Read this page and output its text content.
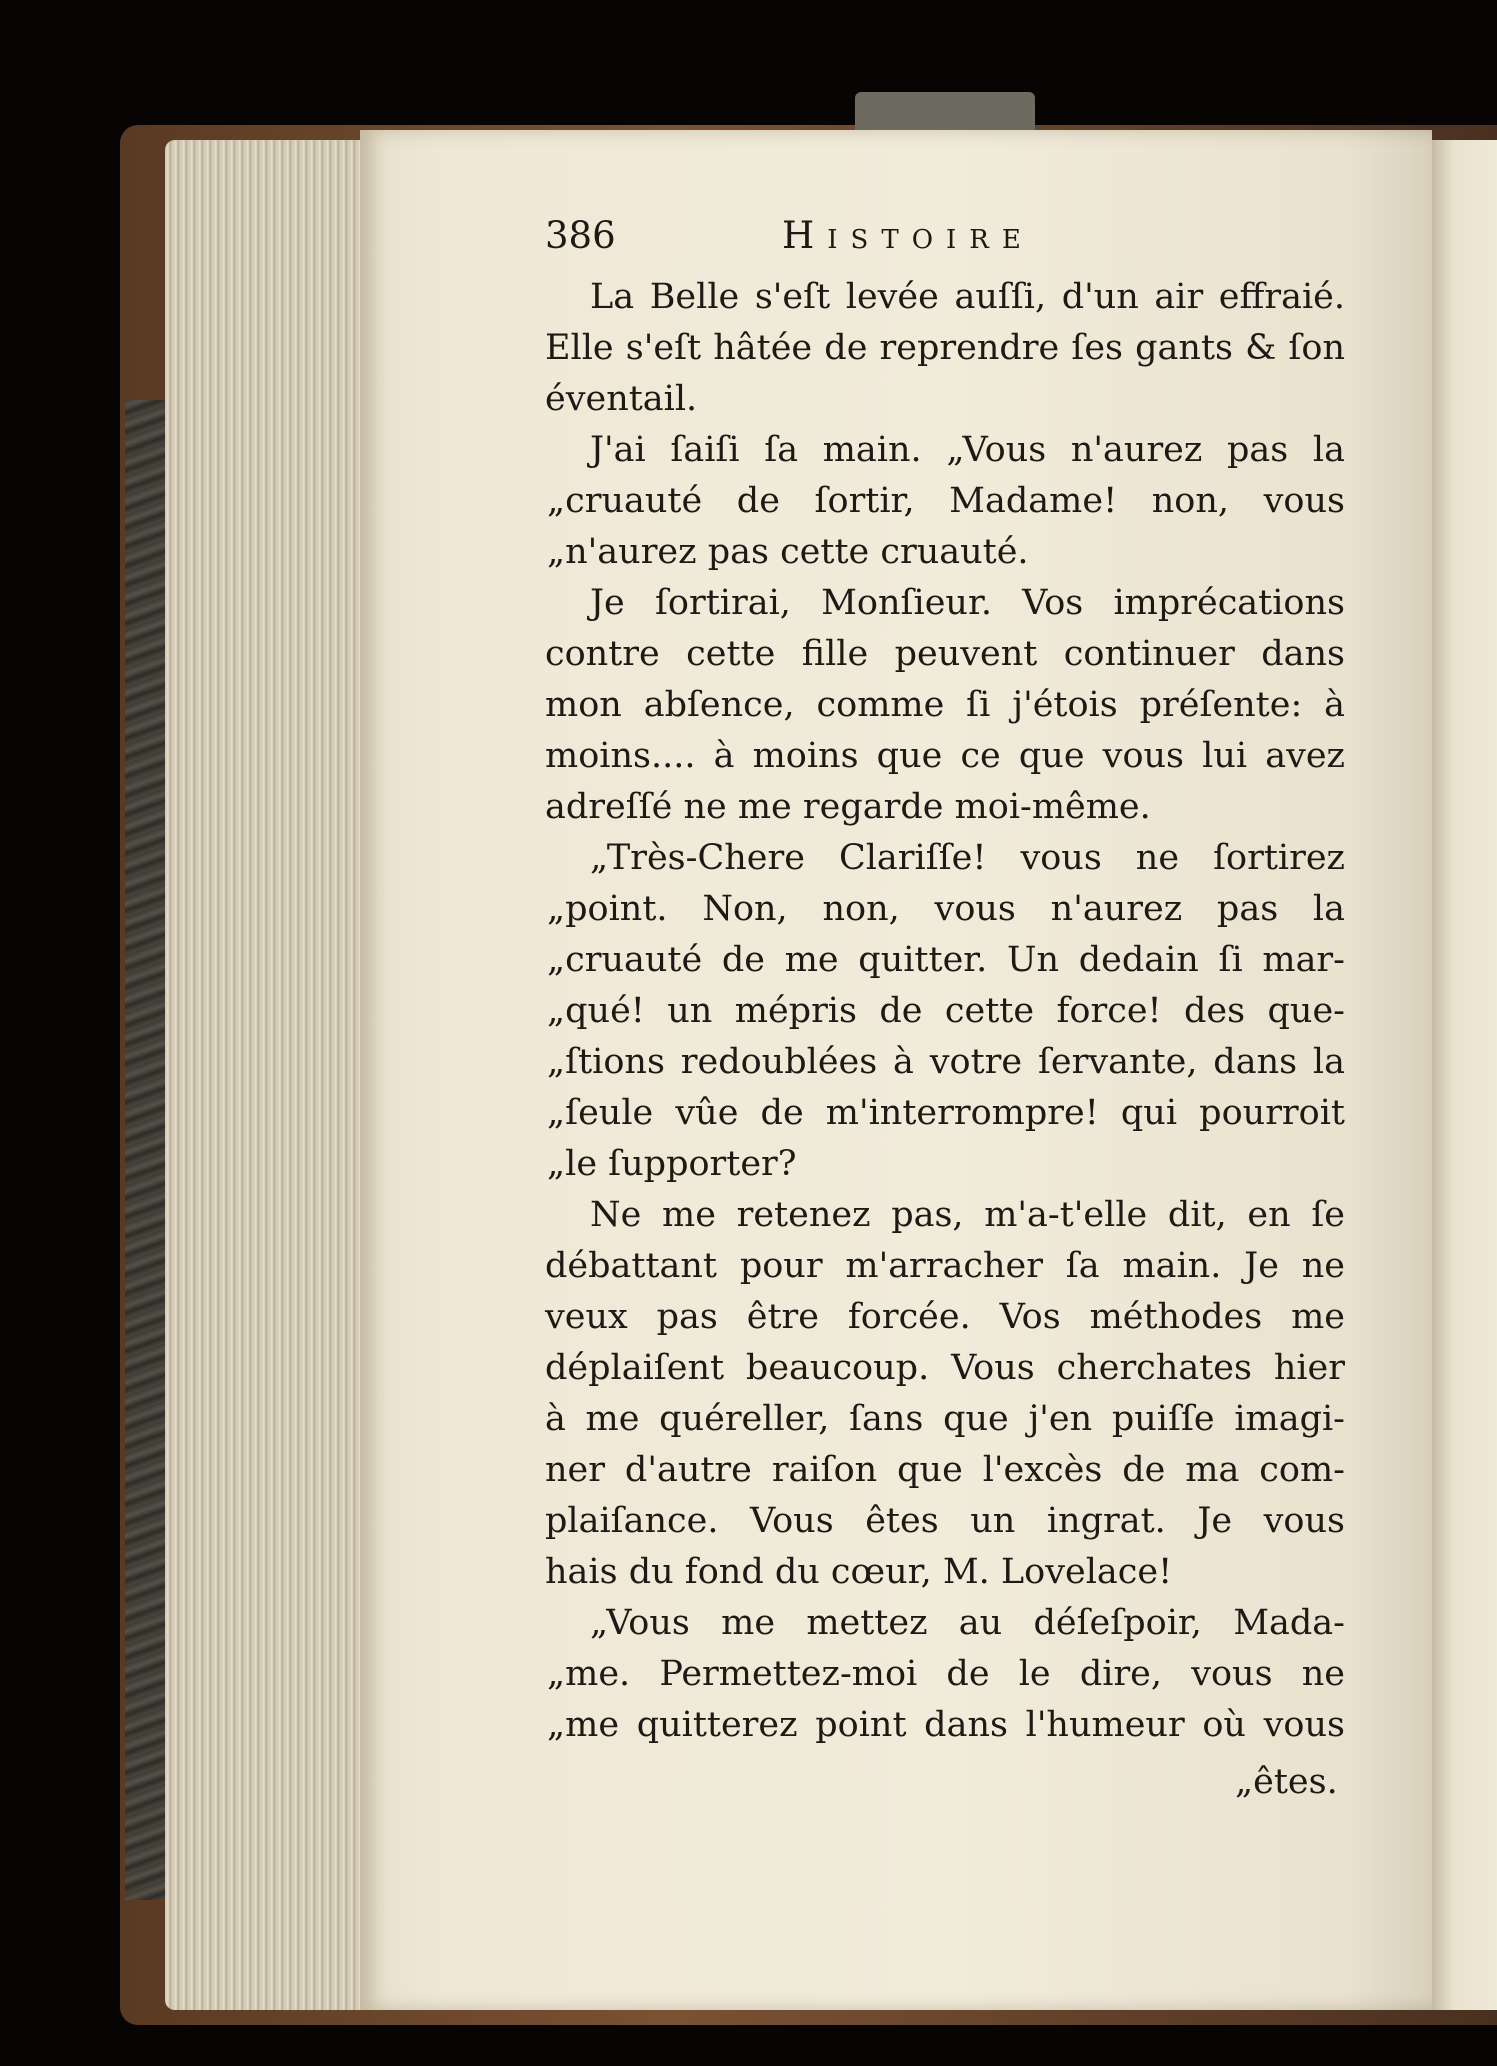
386	Histoire
La Belle s'eſt levée auſſi, d'un air effraié.
Elle s'eſt hâtée de reprendre ſes gants & ſon
éventail.
J'ai ſaiſi ſa main. „Vous n'aurez pas la
„cruauté de ſortir, Madame! non, vous
„n'aurez pas cette cruauté.
Je ſortirai, Monſieur. Vos imprécations
contre cette fille peuvent continuer dans
mon abſence, comme ſi j'étois préſente: à
moins.... à moins que ce que vous lui avez
adreſſé ne me regarde moi-même.
„Très-Chere Clariſſe! vous ne ſortirez
„point. Non, non, vous n'aurez pas la
„cruauté de me quitter. Un dedain ſi mar-
„qué! un mépris de cette force! des que-
„ſtions redoublées à votre ſervante, dans la
„ſeule vûe de m'interrompre! qui pourroit
„le ſupporter?
Ne me retenez pas, m'a-t'elle dit, en ſe
débattant pour m'arracher ſa main. Je ne
veux pas être forcée. Vos méthodes me
déplaiſent beaucoup. Vous cherchates hier
à me quéreller, ſans que j'en puiſſe imagi-
ner d'autre raiſon que l'excès de ma com-
plaiſance. Vous êtes un ingrat. Je vous
hais du fond du cœur, M. Lovelace!
„Vous me mettez au déſeſpoir, Mada-
„me. Permettez-moi de le dire, vous ne
„me quitterez point dans l'humeur où vous
„êtes.
